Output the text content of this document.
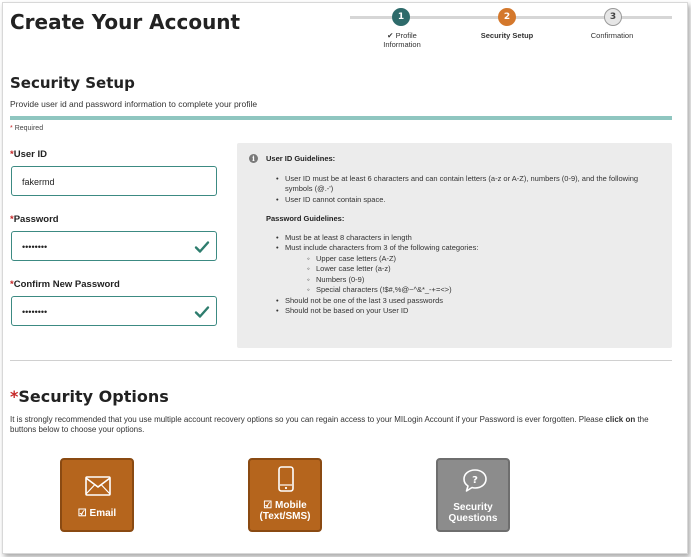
Create Your Account	1	2	3
✔ Profile Information
Security Setup	Confirmation
Security Setup
Provide user id and password information to complete your profile
* Required
*User ID
fakermd
*Password
••••••••
*Confirm New Password
••••••••
i	User ID Guidelines:
• User ID must be at least 6 characters and can contain letters (a-z or A-Z), numbers (0-9), and the following symbols (@.-')
• User ID cannot contain space.
Password Guidelines:
• Must be at least 8 characters in length
• Must include characters from 3 of the following categories:
◦ Upper case letters (A-Z)
◦ Lower case letter (a-z)
◦ Numbers (0-9)
◦ Special characters (!$#,%@~^&*_-+=<>)
• Should not be one of the last 3 used passwords
• Should not be based on your User ID
*Security Options
It is strongly recommended that you use multiple account recovery options so you can regain access to your MILogin Account if your Password is ever forgotten. Please click on the buttons below to choose your options.
☑ Email
☑ Mobile
(Text/SMS)
?
Security
Questions
